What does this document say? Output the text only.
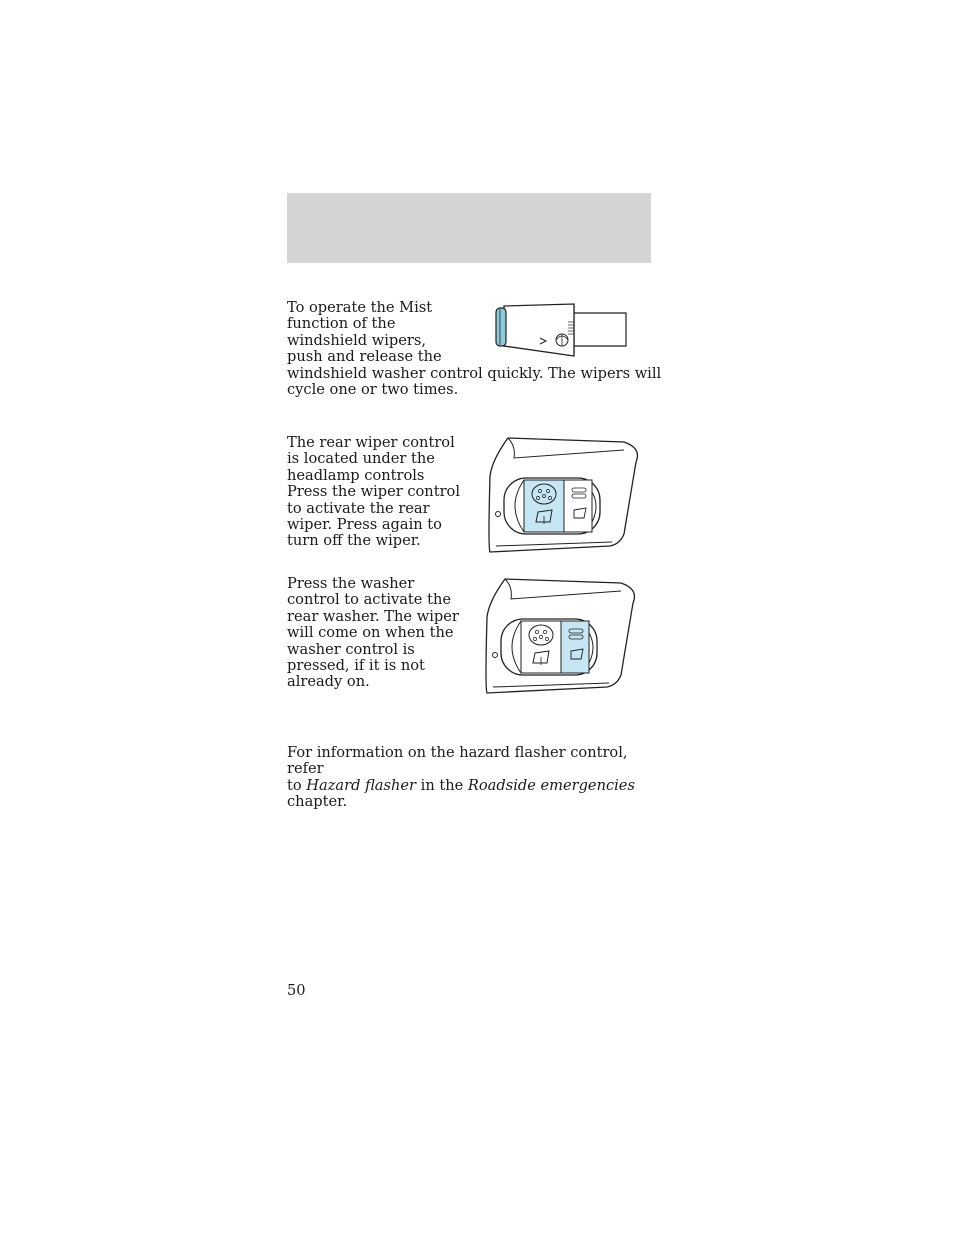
To operate the Mist
function of the
windshield wipers,
push and release the
windshield washer control quickly. The wipers will
cycle one or two times.
The rear wiper control
is located under the
headlamp controls
Press the wiper control
to activate the rear
wiper. Press again to
turn off the wiper.
Press the washer
control to activate the
rear washer. The wiper
will come on when the
washer control is
pressed, if it is not
already on.
For information on the hazard flasher control, refer
to Hazard flasher in the Roadside emergencies
chapter.
50
